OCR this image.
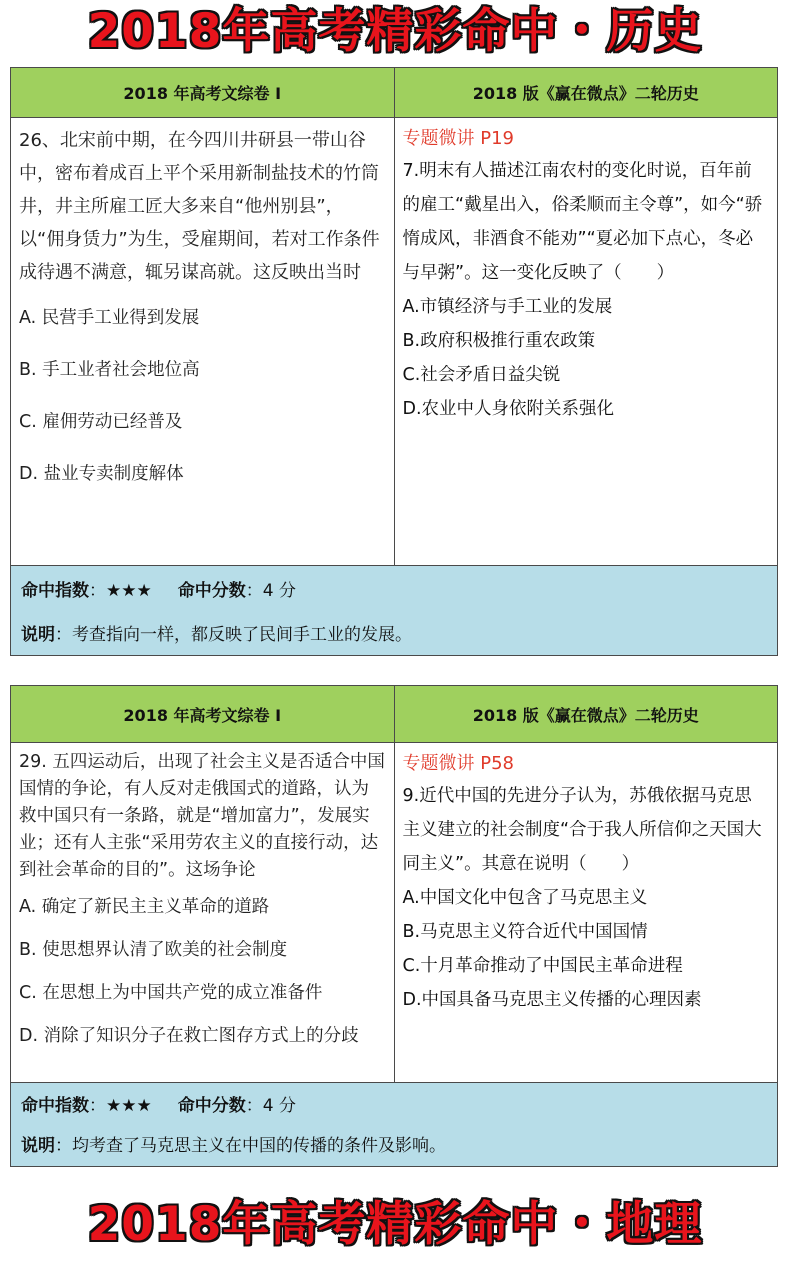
2018年高考精彩命中・历史
2018 年高考文综卷 I	2018 版《赢在微点》二轮历史
26、北宋前中期，在今四川井研县一带山谷中，密布着成百上平个采用新制盐技术的竹筒井，井主所雇工匠大多来自“他州别县”，以“佣身赁力”为生，受雇期间，若对工作条件成待遇不满意，辄另谋高就。这反映出当时
A. 民营手工业得到发展
B. 手工业者社会地位高
C. 雇佣劳动已经普及
D. 盐业专卖制度解体
专题微讲 P19
7.明末有人描述江南农村的变化时说，百年前的雇工“戴星出入，俗柔顺而主令尊”，如今“骄惰成风，非酒食不能劝”“夏必加下点心，冬必与早粥”。这一变化反映了（　　）
A.市镇经济与手工业的发展
B.政府积极推行重农政策
C.社会矛盾日益尖锐
D.农业中人身依附关系强化
命中指数 ：★★★ 命中分数 ：4 分
说明 ：考查指向一样，都反映了民间手工业的发展。
2018 年高考文综卷 I	2018 版《赢在微点》二轮历史
29. 五四运动后，出现了社会主义是否适合中国国情的争论，有人反对走俄国式的道路，认为救中国只有一条路，就是“增加富力”，发展实业；还有人主张“采用劳农主义的直接行动，达到社会革命的目的”。这场争论
A. 确定了新民主主义革命的道路
B. 使思想界认清了欧美的社会制度
C. 在思想上为中国共产党的成立准备件
D. 消除了知识分子在救亡图存方式上的分歧
专题微讲 P58
9.近代中国的先进分子认为，苏俄依据马克思主义建立的社会制度“合于我人所信仰之天国大同主义”。其意在说明（　　）
A.中国文化中包含了马克思主义
B.马克思主义符合近代中国国情
C.十月革命推动了中国民主革命进程
D.中国具备马克思主义传播的心理因素
命中指数 ：★★★ 命中分数 ：4 分
说明 ：均考查了马克思主义在中国的传播的条件及影响。
2018年高考精彩命中・地理
